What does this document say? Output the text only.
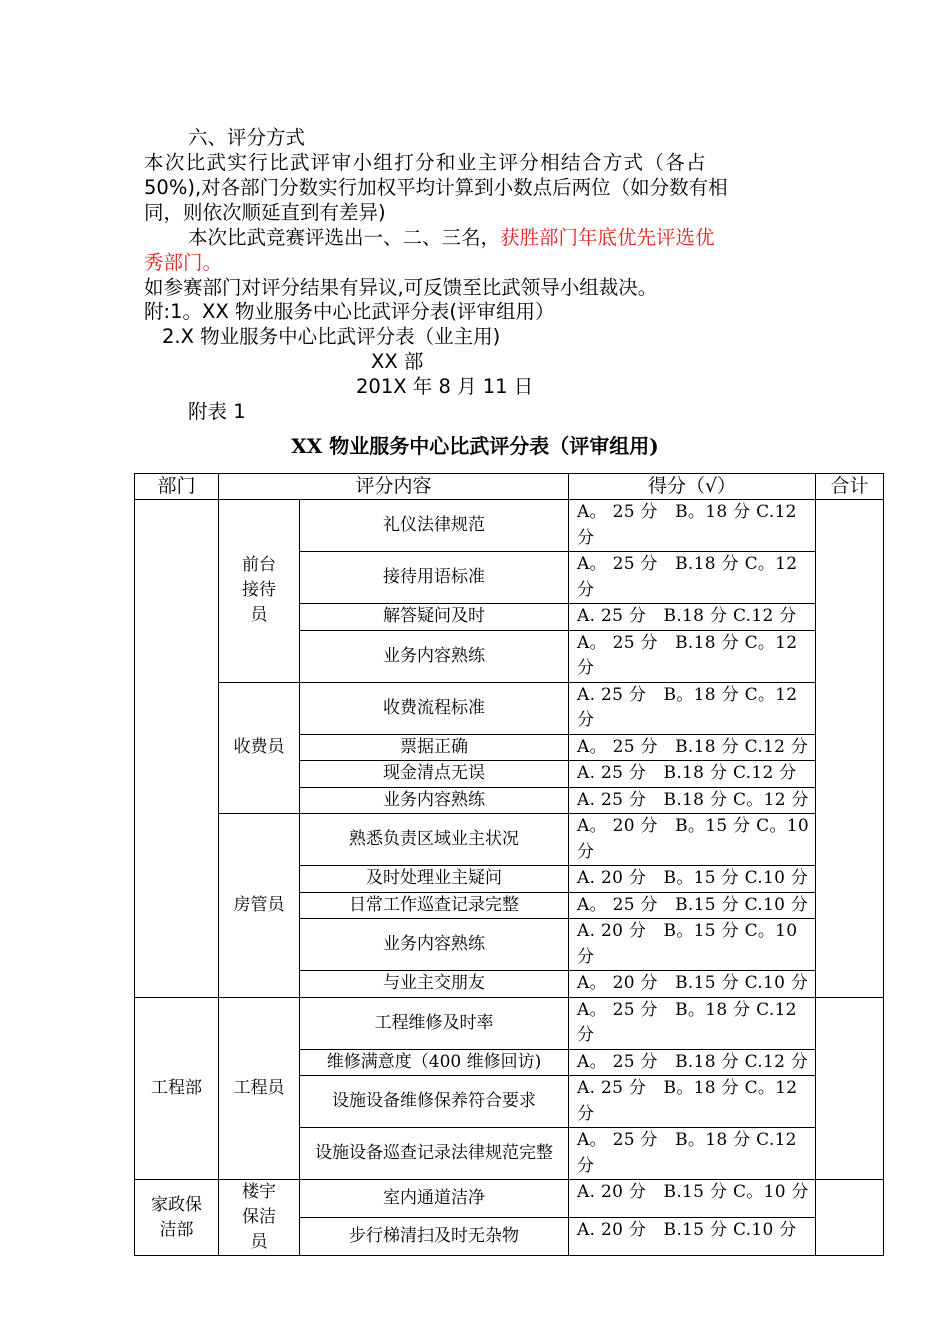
六、评分方式
本次比武实行比武评审小组打分和业主评分相结合方式（各占
50%),对各部门分数实行加权平均计算到小数点后两位（如分数有相
同，则依次顺延直到有差异)
本次比武竞赛评选出一、二、三名，获胜部门年底优先评选优
秀部门。
如参赛部门对评分结果有异议,可反馈至比武领导小组裁决。
附:1。XX 物业服务中心比武评分表(评审组用）
2.X 物业服务中心比武评分表（业主用)
XX 部
201X 年 8 月 11 日
附表 1
XX 物业服务中心比武评分表（评审组用)
部门	评分内容		得分（√）	合计
	前台接待员	礼仪法律规范	A。 25 分　B。18 分 C.12 分	
		接待用语标准	A。 25 分　B.18 分 C。12 分	
		解答疑问及时	A. 25 分　B.18 分 C.12 分	
		业务内容熟练	A。 25 分　B.18 分 C。12 分	
	收费员	收费流程标准	A. 25 分　B。18 分 C。12 分	
		票据正确	A。 25 分　B.18 分 C.12 分	
		现金清点无误	A. 25 分　B.18 分 C.12 分	
		业务内容熟练	A. 25 分　B.18 分 C。12 分	
	房管员	熟悉负责区域业主状况	A。 20 分　B。15 分 C。10 分	
		及时处理业主疑问	A. 20 分　B。15 分 C.10 分	
		日常工作巡查记录完整	A。 25 分　B.15 分 C.10 分	
		业务内容熟练	A. 20 分　B。15 分 C。10 分	
		与业主交朋友	A。 20 分　B.15 分 C.10 分	
工程部	工程员	工程维修及时率	A。 25 分　B。18 分 C.12 分	
		维修满意度（400 维修回访)	A。 25 分　B.18 分 C.12 分	
		设施设备维修保养符合要求	A. 25 分　B。18 分 C。12 分	
		设施设备巡查记录法律规范完整	A。 25 分　B。18 分 C.12 分	
家政保洁部	楼宇保洁员	室内通道洁净	A. 20 分　B.15 分 C。10 分	
		步行梯清扫及时无杂物	A. 20 分　B.15 分 C.10 分	
